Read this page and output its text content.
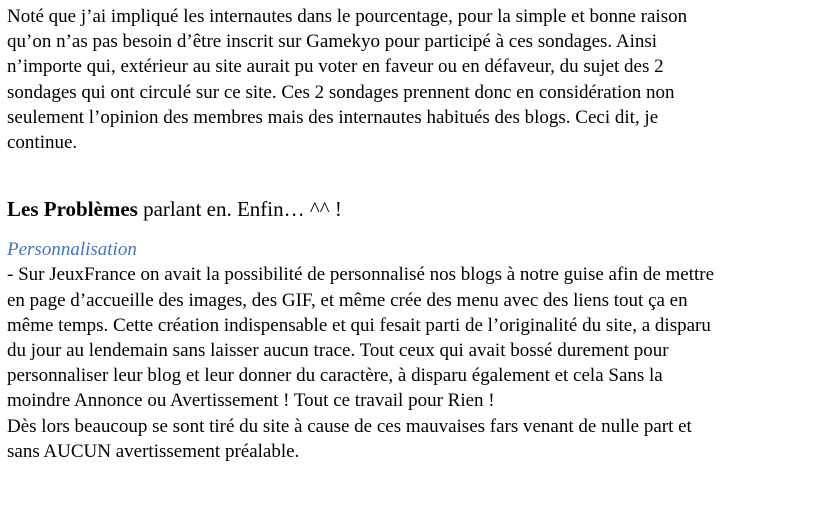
Noté que j’ai impliqué les internautes dans le pourcentage, pour la simple et bonne raison
qu’on n’as pas besoin d’être inscrit sur Gamekyo pour participé à ces sondages. Ainsi
n’importe qui, extérieur au site aurait pu voter en faveur ou en défaveur, du sujet des 2
sondages qui ont circulé sur ce site. Ces 2 sondages prennent donc en considération non
seulement l’opinion des membres mais des internautes habitués des blogs. Ceci dit, je
continue.
Les Problèmes parlant en. Enfin… ^^ !
Personnalisation
- Sur JeuxFrance on avait la possibilité de personnalisé nos blogs à notre guise afin de mettre
en page d’accueille des images, des GIF, et même crée des menu avec des liens tout ça en
même temps. Cette création indispensable et qui fesait parti de l’originalité du site, a disparu
du jour au lendemain sans laisser aucun trace. Tout ceux qui avait bossé durement pour
personnaliser leur blog et leur donner du caractère, à disparu également et cela Sans la
moindre Annonce ou Avertissement ! Tout ce travail pour Rien !
Dès lors beaucoup se sont tiré du site à cause de ces mauvaises fars venant de nulle part et
sans AUCUN avertissement préalable.
